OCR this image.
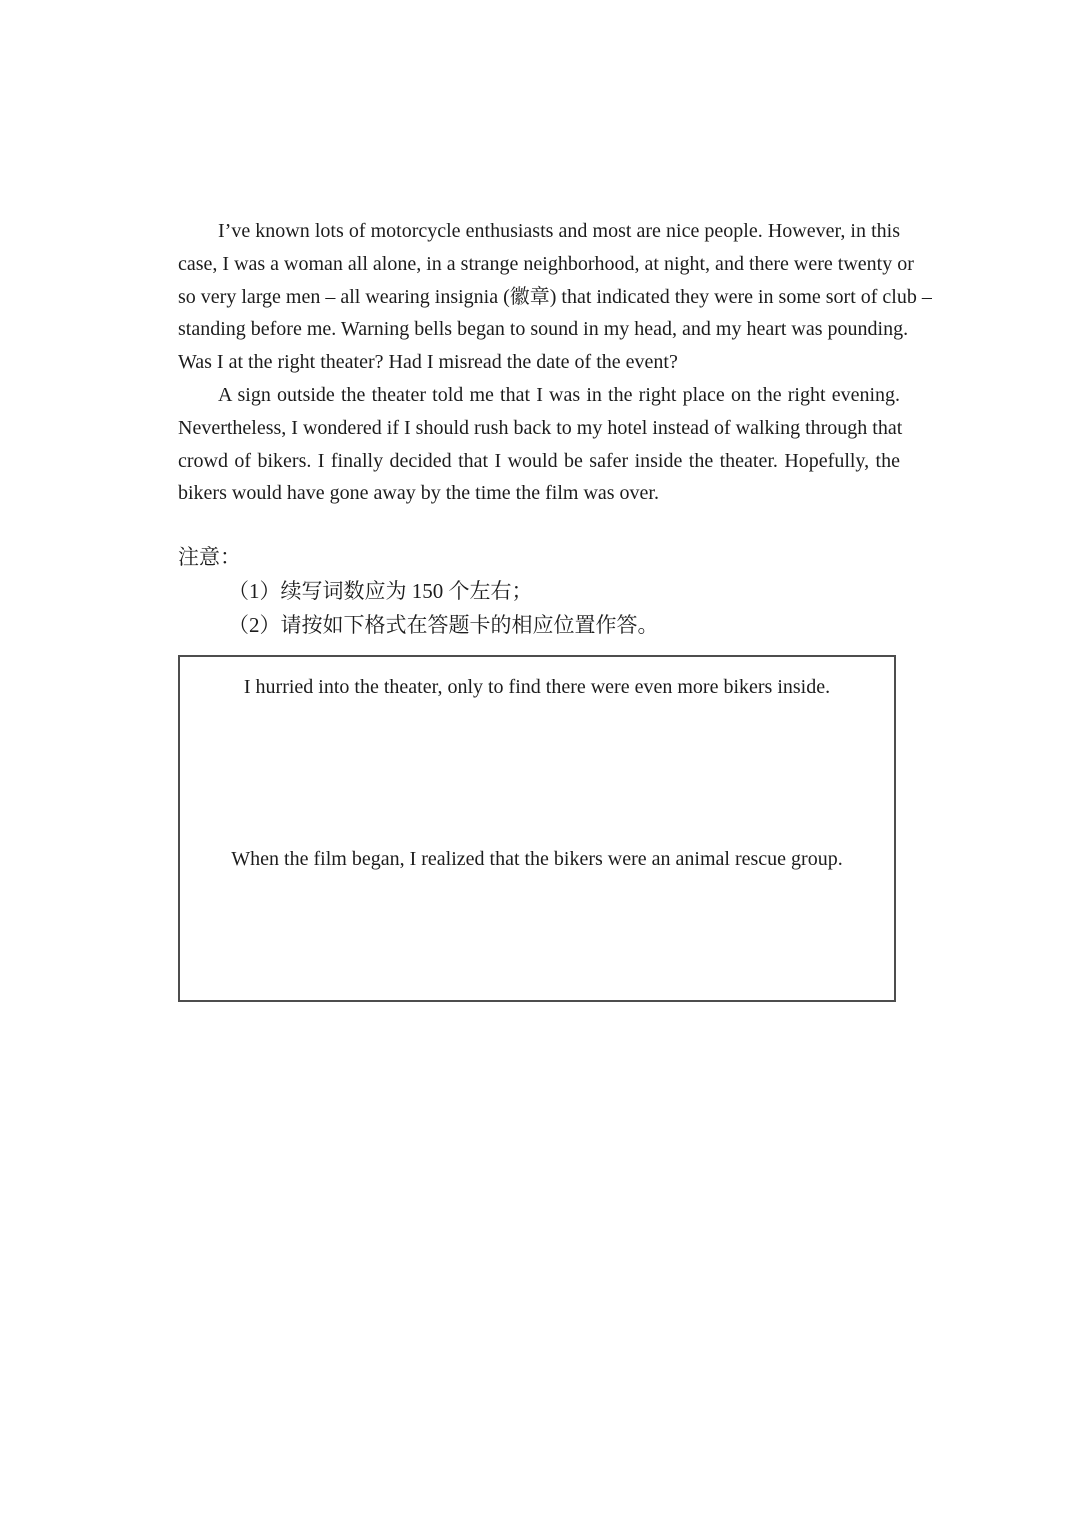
I’ve known lots of motorcycle enthusiasts and most are nice people. However, in this
case, I was a woman all alone, in a strange neighborhood, at night, and there were twenty or
so very large men – all wearing insignia (徽章) that indicated they were in some sort of club –
standing before me. Warning bells began to sound in my head, and my heart was pounding.
Was I at the right theater? Had I misread the date of the event?
A sign outside the theater told me that I was in the right place on the right evening.
Nevertheless, I wondered if I should rush back to my hotel instead of walking through that
crowd of bikers. I finally decided that I would be safer inside the theater. Hopefully, the
bikers would have gone away by the time the film was over.
注意：
（1）续写词数应为 150 个左右；
（2）请按如下格式在答题卡的相应位置作答。
I hurried into the theater, only to find there were even more bikers inside.
When the film began, I realized that the bikers were an animal rescue group.
